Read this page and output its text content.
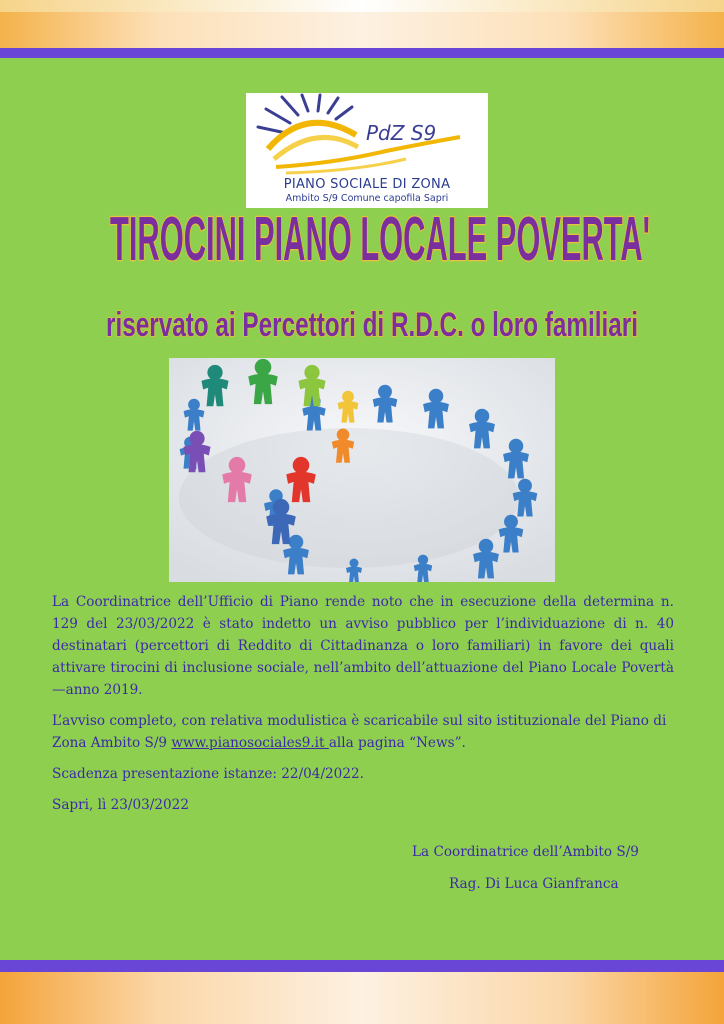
PdZ S9
PIANO SOCIALE DI ZONA
Ambito S/9 Comune capofila Sapri
TIROCINI PIANO LOCALE POVERTA'
riservato ai Percettori di R.D.C. o loro familiari

La Coordinatrice dell’Ufficio di Piano rende noto che in esecuzione della determina n. 129 del 23/03/2022 è stato indetto un avviso pubblico per l’individuazione di n. 40 destinatari (percettori di Reddito di Cittadinanza o loro familiari) in favore dei quali attivare tirocini di inclusione sociale, nell’ambito dell’attuazione del Piano Locale Povertà—anno 2019.

L’avviso completo, con relativa modulistica è scaricabile sul sito istituzionale del Piano di Zona Ambito S/9 www.pianosociales9.it alla pagina “News”.

Scadenza presentazione istanze: 22/04/2022.

Sapri, lì 23/03/2022

La Coordinatrice dell’Ambito S/9
Rag. Di Luca Gianfranca
